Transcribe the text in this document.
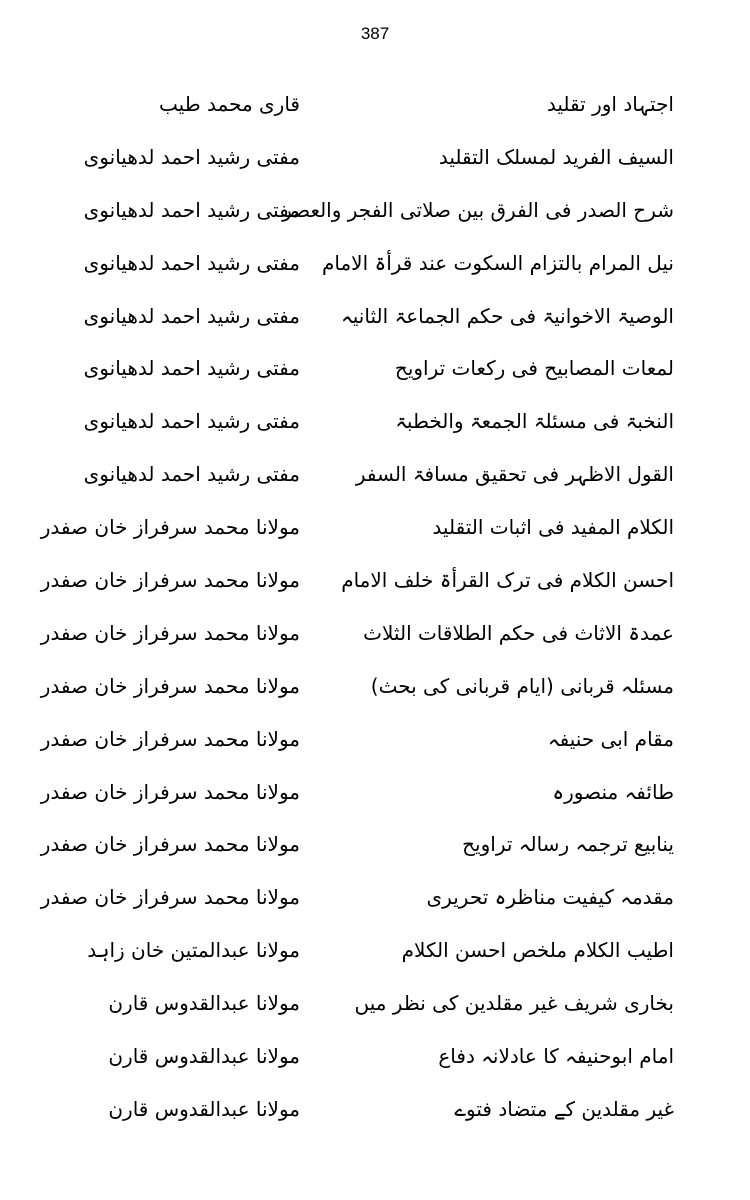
387
اجتہاد اور تقلید
قاری محمد طیب
السیف الفرید لمسلک التقلید
مفتی رشید احمد لدھیانوی
شرح الصدر فی الفرق بین صلاتی الفجر والعصر
مفتی رشید احمد لدھیانوی
نیل المرام بالتزام السکوت عند قرأۃ الامام
مفتی رشید احمد لدھیانوی
الوصیۃ الاخوانیۃ فی حکم الجماعۃ الثانیہ
مفتی رشید احمد لدھیانوی
لمعات المصابیح فی رکعات تراویح
مفتی رشید احمد لدھیانوی
النخبۃ فی مسئلۃ الجمعۃ والخطبۃ
مفتی رشید احمد لدھیانوی
القول الاظہر فی تحقیق مسافۃ السفر
مفتی رشید احمد لدھیانوی
الکلام المفید فی اثبات التقلید
مولانا محمد سرفراز خان صفدر
احسن الکلام فی ترک القرأۃ خلف الامام
مولانا محمد سرفراز خان صفدر
عمدۃ الاثاث فی حکم الطلاقات الثلاث
مولانا محمد سرفراز خان صفدر
مسئلہ قربانی (ایام قربانی کی بحث)
مولانا محمد سرفراز خان صفدر
مقام ابی حنیفہ
مولانا محمد سرفراز خان صفدر
طائفہ منصورہ
مولانا محمد سرفراز خان صفدر
ینابیع ترجمہ رسالہ تراویح
مولانا محمد سرفراز خان صفدر
مقدمہ کیفیت مناظرہ تحریری
مولانا محمد سرفراز خان صفدر
اطیب الکلام ملخص احسن الکلام
مولانا عبدالمتین خان زاہد
بخاری شریف غیر مقلدین کی نظر میں
مولانا عبدالقدوس قارن
امام ابوحنیفہ کا عادلانہ دفاع
مولانا عبدالقدوس قارن
غیر مقلدین کے متضاد فتوے
مولانا عبدالقدوس قارن
